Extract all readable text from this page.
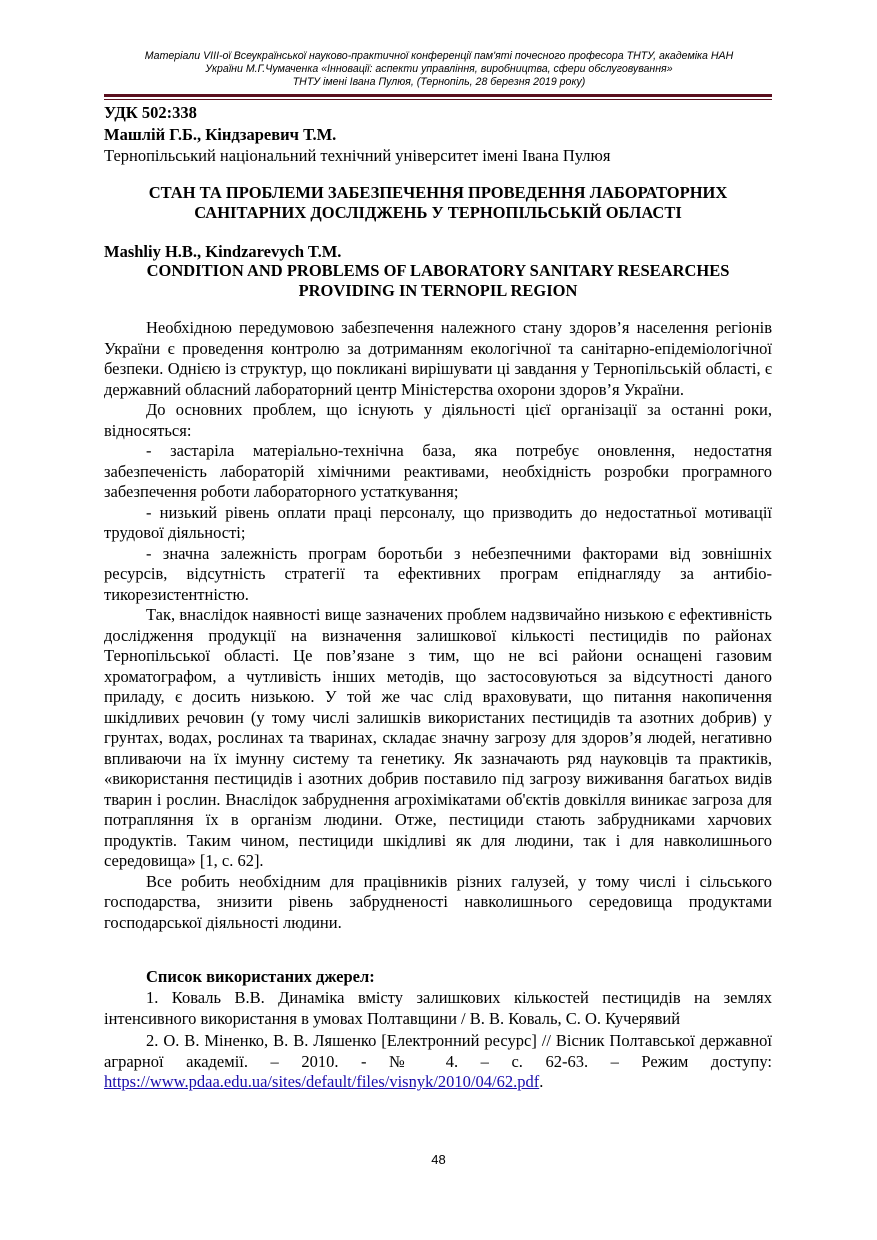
Матеріали VIII-ої Всеукраїнської науково-практичної конференції пам'яті почесного професора ТНТУ, академіка НАН
України М.Г.Чумаченка «Інновації: аспекти управління, виробництва, сфери обслуговування»
ТНТУ імені Івана Пулюя, (Тернопіль, 28 березня 2019 року)
УДК 502:338
Машлій Г.Б., Кіндзаревич Т.М.
Тернопільський національний технічний університет імені Івана Пулюя
СТАН ТА ПРОБЛЕМИ ЗАБЕЗПЕЧЕННЯ ПРОВЕДЕННЯ ЛАБОРАТОРНИХ
САНІТАРНИХ ДОСЛІДЖЕНЬ У ТЕРНОПІЛЬСЬКІЙ ОБЛАСТІ
Mashliy H.B., Kindzarevych T.M.
CONDITION AND PROBLEMS OF LABORATORY SANITARY RESEARCHES
PROVIDING IN TERNOPIL REGION

Необхідною передумовою забезпечення належного стану здоров’я населення регіонів України є проведення контролю за дотриманням екологічної та санітарно-епідеміологічної безпеки. Однією із структур, що покликані вирішувати ці завдання у Тернопільській області, є державний обласний лабораторний центр Міністерства охорони здоров’я України.

До основних проблем, що існують у діяльності цієї організації за останні роки, відносяться:

- застаріла матеріально-технічна база, яка потребує оновлення, недостатня забезпеченість лабораторій хімічними реактивами, необхідність розробки програмного забезпечення роботи лабораторного устаткування;

- низький рівень оплати праці персоналу, що призводить до недостатньої мотивації трудової діяльності;

- значна залежність програм боротьби з небезпечними факторами від зовнішніх ресурсів, відсутність стратегії та ефективних програм епіднагляду за антибіо-тикорезистентністю.

Так, внаслідок наявності вище зазначених проблем надзвичайно низькою є ефективність дослідження продукції на визначення залишкової кількості пестицидів по районах Тернопільської області. Це пов’язане з тим, що не всі райони оснащені газовим хроматографом, а чутливість інших методів, що застосовуються за відсутності даного приладу, є досить низькою. У той же час слід враховувати, що питання накопичення шкідливих речовин (у тому числі залишків використаних пестицидів та азотних добрив) у грунтах, водах, рослинах та тваринах, складає значну загрозу для здоров’я людей, негативно впливаючи на їх імунну систему та генетику. Як зазначають ряд науковців та практиків, «використання пестицидів і азотних добрив поставило під загрозу виживання багатьох видів тварин і рослин. Внаслідок забруднення агрохімікатами об'єктів довкілля виникає загроза для потрапляння їх в організм людини. Отже, пестициди стають забрудниками харчових продуктів. Таким чином, пестициди шкідливі як для людини, так і для навколишнього середовища» [1, с. 62].

Все робить необхідним для працівників різних галузей, у тому числі і сільського господарства, знизити рівень забрудненості навколишнього середовища продуктами господарської діяльності людини.

Список використаних джерел:

1. Коваль В.В. Динаміка вмісту залишкових кількостей пестицидів на землях інтенсивного використання в умовах Полтавщини / В. В. Коваль, С. О. Кучерявий

2. О. В. Міненко, В. В. Ляшенко [Електронний ресурс] // Вісник Полтавської державної аграрної академії. – 2010. - № 4. – с. 62-63. – Режим доступу: https://www.pdaa.edu.ua/sites/default/files/visnyk/2010/04/62.pdf.

48
